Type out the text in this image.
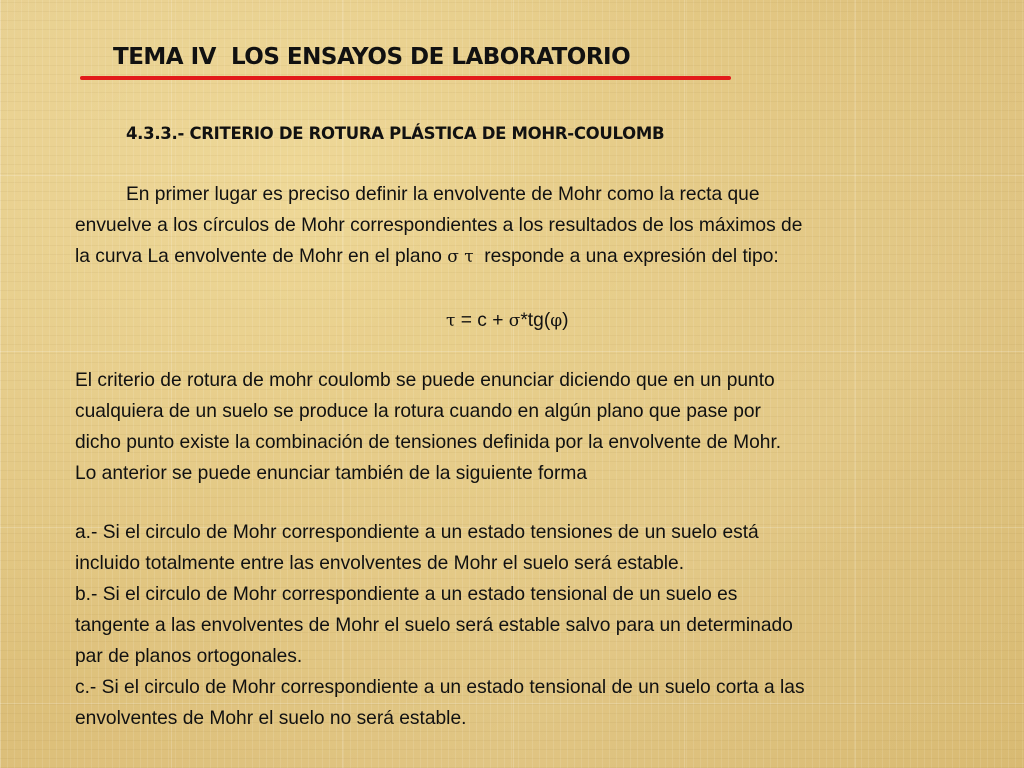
TEMA IV  LOS ENSAYOS DE LABORATORIO
4.3.3.- CRITERIO DE ROTURA PLÁSTICA DE MOHR-COULOMB
En primer lugar es preciso definir la envolvente de Mohr como la recta que
envuelve a los círculos de Mohr correspondientes a los resultados de los máximos de
la curva La envolvente de Mohr en el plano σ τ responde a una expresión del tipo:
τ = c + σ*tg(φ)
El criterio de rotura de mohr coulomb se puede enunciar diciendo que en un punto
cualquiera de un suelo se produce la rotura cuando en algún plano que pase por
dicho punto existe la combinación de tensiones definida por la envolvente de Mohr.
Lo anterior se puede enunciar también de la siguiente forma
a.- Si el circulo de Mohr correspondiente a un estado tensiones de un suelo está
incluido totalmente entre las envolventes de Mohr el suelo será estable.
b.- Si el circulo de Mohr correspondiente a un estado tensional de un suelo es
tangente a las envolventes de Mohr el suelo será estable salvo para un determinado
par de planos ortogonales.
c.- Si el circulo de Mohr correspondiente a un estado tensional de un suelo corta a las
envolventes de Mohr el suelo no será estable.
